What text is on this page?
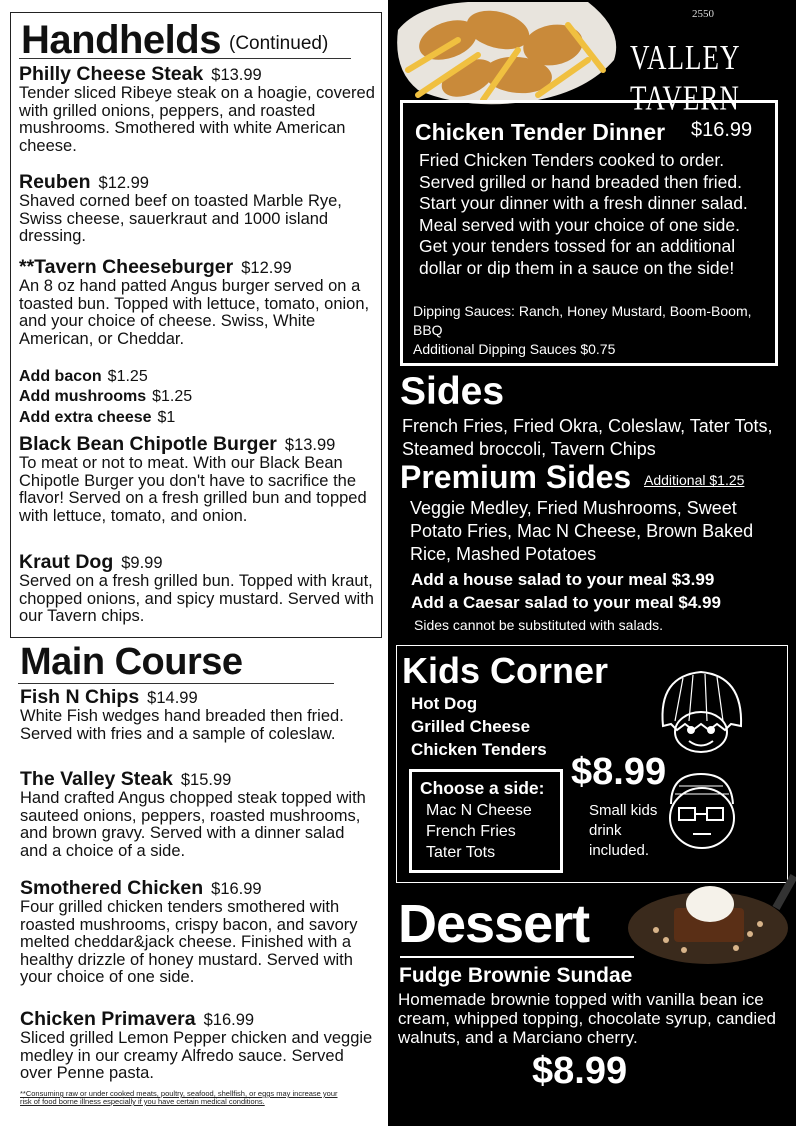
Handhelds (Continued)
Philly Cheese Steak $13.99
Tender sliced Ribeye steak on a hoagie, covered with grilled onions, peppers, and roasted mushrooms. Smothered with white American cheese.
Reuben $12.99
Shaved corned beef on toasted Marble Rye, Swiss cheese, sauerkraut and 1000 island dressing.
**Tavern Cheeseburger $12.99
An 8 oz hand patted Angus burger served on a toasted bun. Topped with lettuce, tomato, onion, and your choice of cheese. Swiss, White American, or Cheddar.
Add bacon $1.25
Add mushrooms $1.25
Add extra cheese $1
Black Bean Chipotle Burger $13.99
To meat or not to meat. With our Black Bean Chipotle Burger you don't have to sacrifice the flavor! Served on a fresh grilled bun and topped with lettuce, tomato, and onion.
Kraut Dog $9.99
Served on a fresh grilled bun. Topped with kraut, chopped onions, and spicy mustard. Served with our Tavern chips.
Main Course
Fish N Chips $14.99
White Fish wedges hand breaded then fried. Served with fries and a sample of coleslaw.
The Valley Steak $15.99
Hand crafted Angus chopped steak topped with sauteed onions, peppers, roasted mushrooms, and brown gravy. Served with a dinner salad and a choice of a side.
Smothered Chicken $16.99
Four grilled chicken tenders smothered with roasted mushrooms, crispy bacon, and savory melted cheddar&jack cheese. Finished with a healthy drizzle of honey mustard. Served with your choice of one side.
Chicken Primavera $16.99
Sliced grilled Lemon Pepper chicken and veggie medley in our creamy Alfredo sauce. Served over Penne pasta.
**Consuming raw or under cooked meats, poultry, seafood, shellfish, or eggs may increase your risk of food borne illness especially if you have certain medical conditions.
2550
VALLEY TAVERN
Chicken Tender Dinner $16.99
Fried Chicken Tenders cooked to order. Served grilled or hand breaded then fried. Start your dinner with a fresh dinner salad. Meal served with your choice of one side. Get your tenders tossed for an additional dollar or dip them in a sauce on the side!
Dipping Sauces: Ranch, Honey Mustard, Boom-Boom, BBQ
Additional Dipping Sauces $0.75
Sides
French Fries, Fried Okra, Coleslaw, Tater Tots, Steamed broccoli, Tavern Chips
Premium Sides Additional $1.25
Veggie Medley, Fried Mushrooms, Sweet Potato Fries, Mac N Cheese, Brown Baked Rice, Mashed Potatoes
Add a house salad to your meal $3.99
Add a Caesar salad to your meal $4.99
Sides cannot be substituted with salads.
Kids Corner
Hot Dog
Grilled Cheese
Chicken Tenders
Choose a side:
Mac N Cheese
French Fries
Tater Tots
$8.99
Small kids drink included.
Dessert
Fudge Brownie Sundae
Homemade brownie topped with vanilla bean ice cream, whipped topping, chocolate syrup, candied walnuts, and a Marciano cherry.
$8.99
